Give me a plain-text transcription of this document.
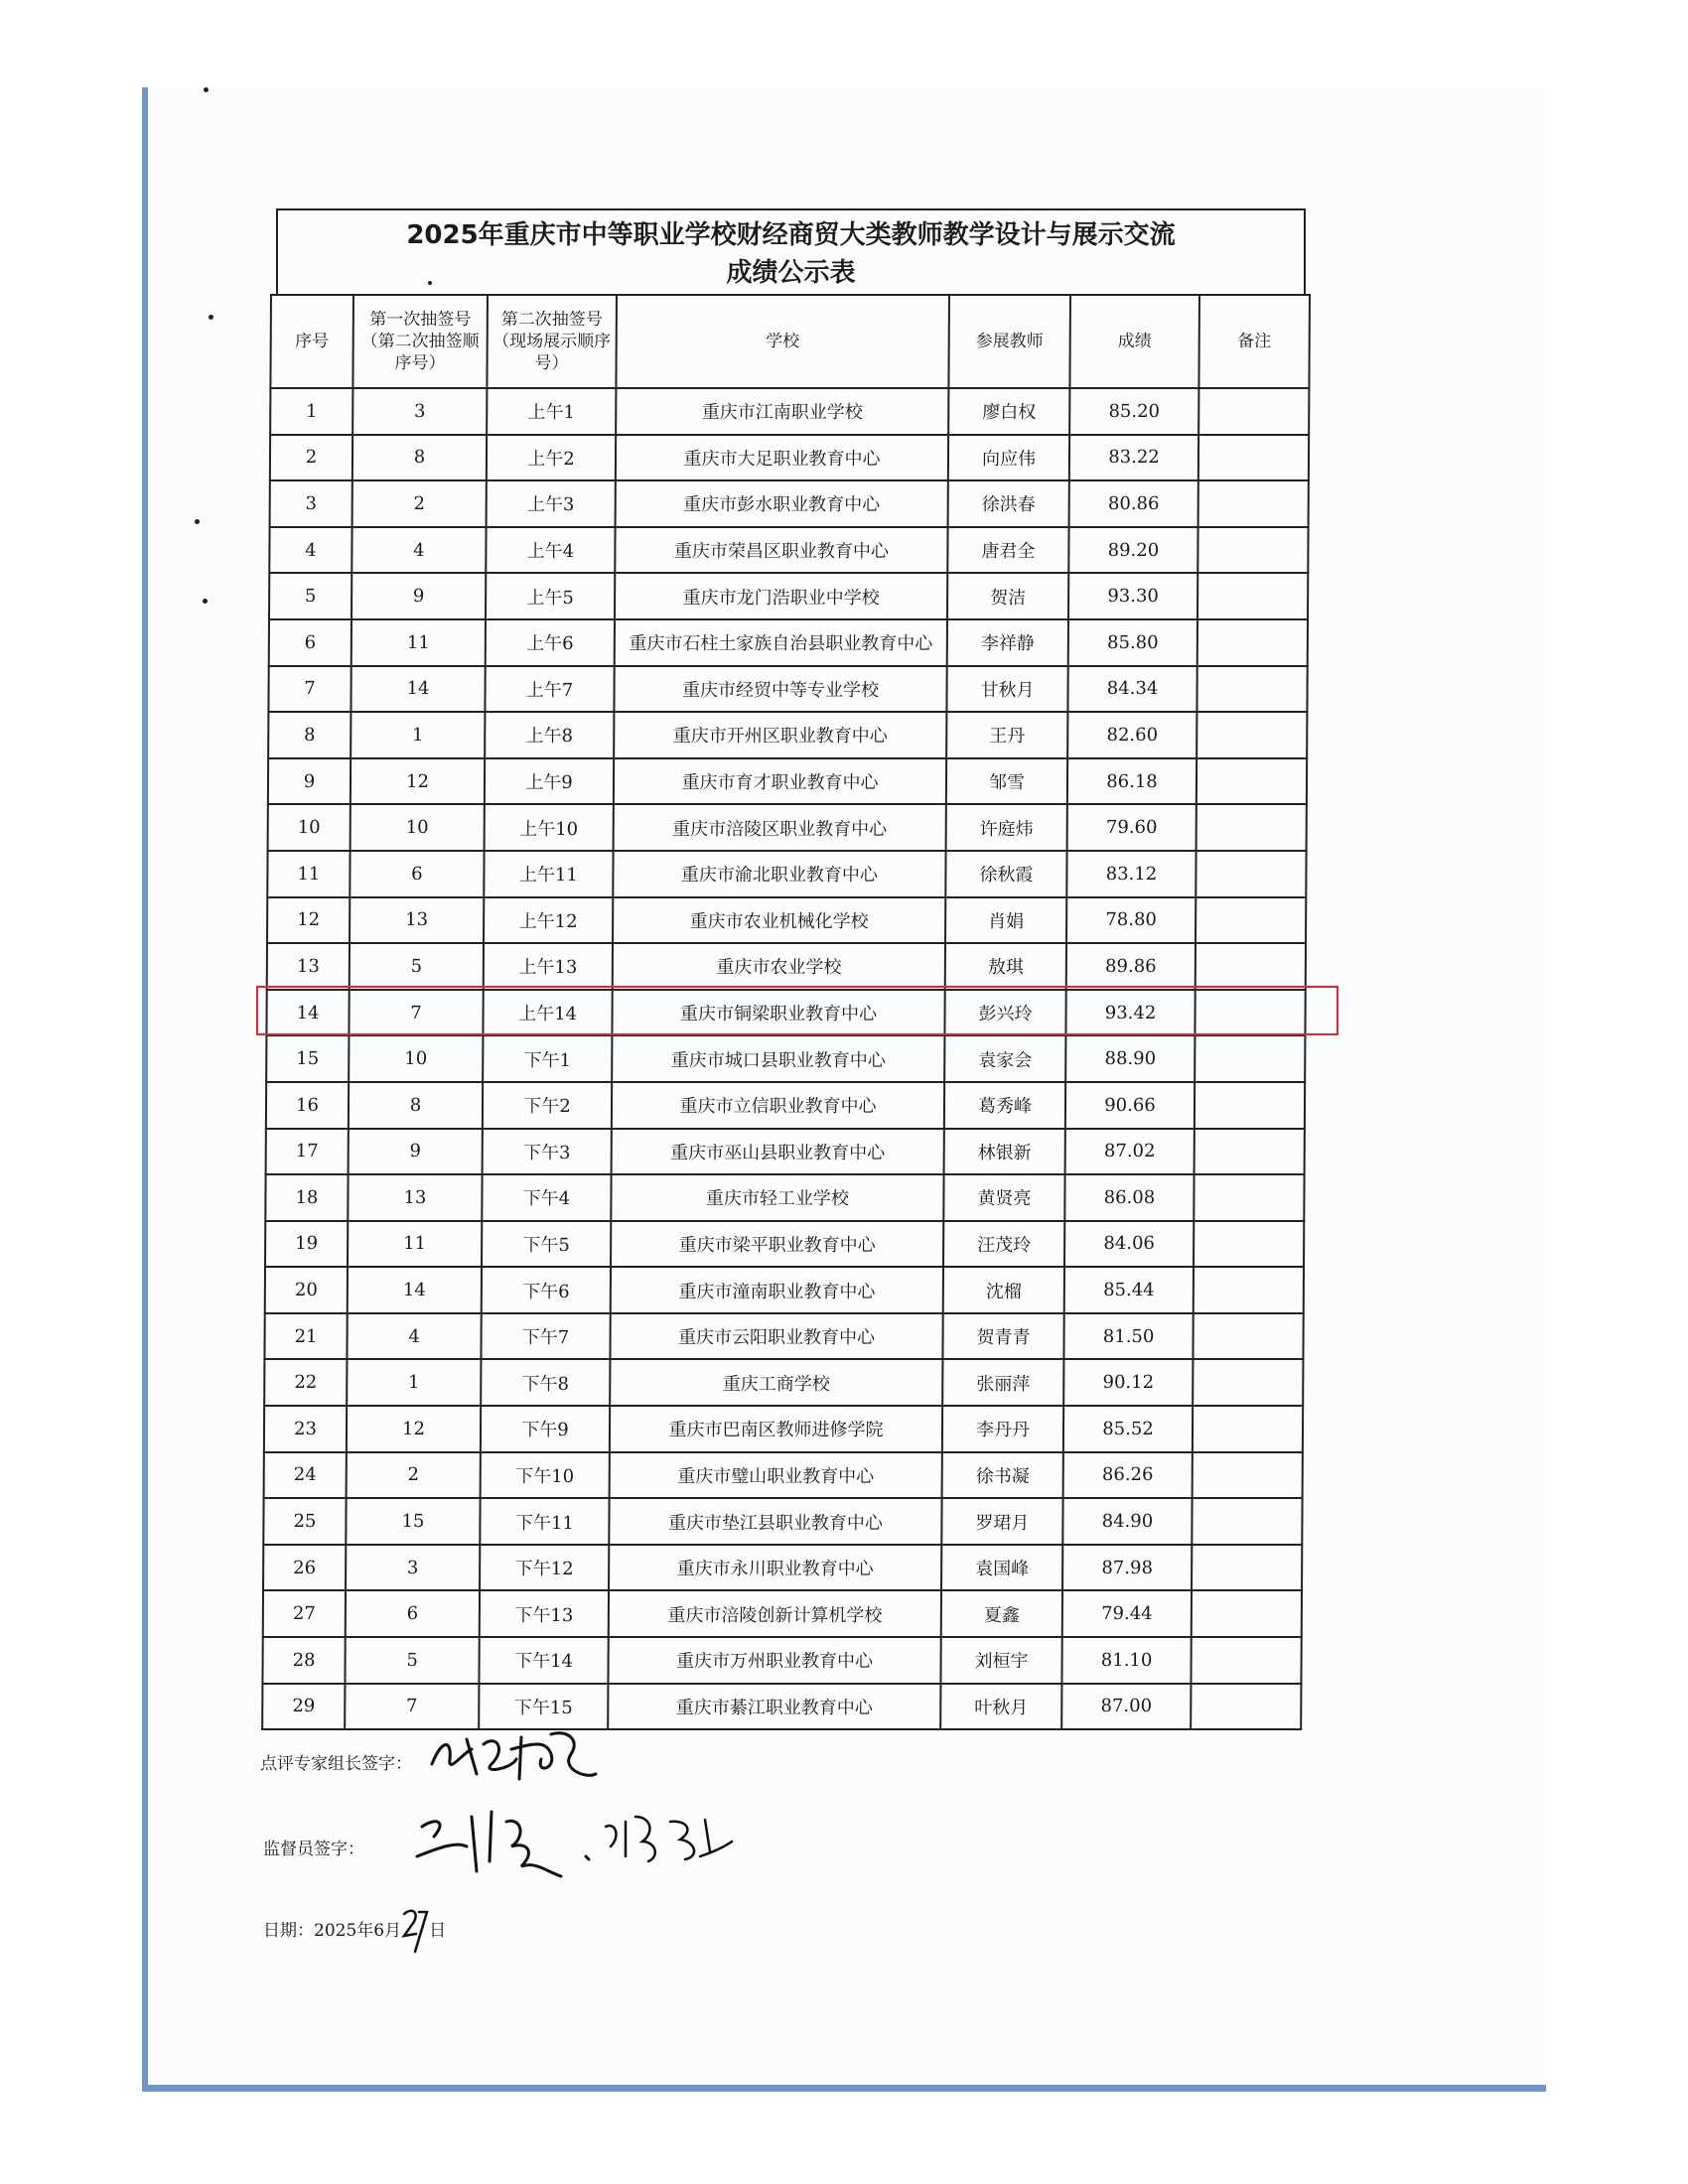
2025年重庆市中等职业学校财经商贸大类教师教学设计与展示交流
成绩公示表
序号	第一次抽签号（第二次抽签顺序号）	第二次抽签号（现场展示顺序号）	学校	参展教师	成绩	备注
1	3	上午1	重庆市江南职业学校	廖白权	85.20	
2	8	上午2	重庆市大足职业教育中心	向应伟	83.22	
3	2	上午3	重庆市彭水职业教育中心	徐洪春	80.86	
4	4	上午4	重庆市荣昌区职业教育中心	唐君全	89.20	
5	9	上午5	重庆市龙门浩职业中学校	贺洁	93.30	
6	11	上午6	重庆市石柱土家族自治县职业教育中心	李祥静	85.80	
7	14	上午7	重庆市经贸中等专业学校	甘秋月	84.34	
8	1	上午8	重庆市开州区职业教育中心	王丹	82.60	
9	12	上午9	重庆市育才职业教育中心	邹雪	86.18	
10	10	上午10	重庆市涪陵区职业教育中心	许庭炜	79.60	
11	6	上午11	重庆市渝北职业教育中心	徐秋霞	83.12	
12	13	上午12	重庆市农业机械化学校	肖娟	78.80	
13	5	上午13	重庆市农业学校	敖琪	89.86	
14	7	上午14	重庆市铜梁职业教育中心	彭兴玲	93.42	
15	10	下午1	重庆市城口县职业教育中心	袁家会	88.90	
16	8	下午2	重庆市立信职业教育中心	葛秀峰	90.66	
17	9	下午3	重庆市巫山县职业教育中心	林银新	87.02	
18	13	下午4	重庆市轻工业学校	黄贤亮	86.08	
19	11	下午5	重庆市梁平职业教育中心	汪茂玲	84.06	
20	14	下午6	重庆市潼南职业教育中心	沈榴	85.44	
21	4	下午7	重庆市云阳职业教育中心	贺青青	81.50	
22	1	下午8	重庆工商学校	张丽萍	90.12	
23	12	下午9	重庆市巴南区教师进修学院	李丹丹	85.52	
24	2	下午10	重庆市璧山职业教育中心	徐书凝	86.26	
25	15	下午11	重庆市垫江县职业教育中心	罗珺月	84.90	
26	3	下午12	重庆市永川职业教育中心	袁国峰	87.98	
27	6	下午13	重庆市涪陵创新计算机学校	夏鑫	79.44	
28	5	下午14	重庆市万州职业教育中心	刘桓宇	81.10	
29	7	下午15	重庆市綦江职业教育中心	叶秋月	87.00	
点评专家组长签字：
监督员签字：
日期：2025年6月 日
